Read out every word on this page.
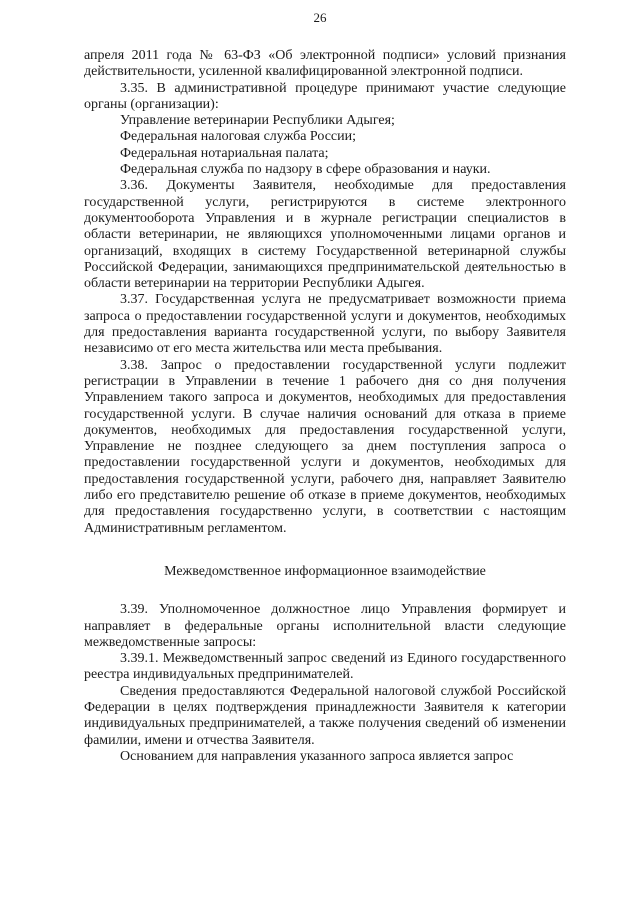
26

апреля 2011 года № 63-ФЗ «Об электронной подписи» условий признания действительности, усиленной квалифицированной электронной подписи.

3.35. В административной процедуре принимают участие следующие органы (организации):

Управление ветеринарии Республики Адыгея;

Федеральная налоговая служба России;

Федеральная нотариальная палата;

Федеральная служба по надзору в сфере образования и науки.

3.36. Документы Заявителя, необходимые для предоставления государственной услуги, регистрируются в системе электронного документооборота Управления и в журнале регистрации специалистов в области ветеринарии, не являющихся уполномоченными лицами органов и организаций, входящих в систему Государственной ветеринарной службы Российской Федерации, занимающихся предпринимательской деятельностью в области ветеринарии на территории Республики Адыгея.

3.37. Государственная услуга не предусматривает возможности приема запроса о предоставлении государственной услуги и документов, необходимых для предоставления варианта государственной услуги, по выбору Заявителя независимо от его места жительства или места пребывания.

3.38. Запрос о предоставлении государственной услуги подлежит регистрации в Управлении в течение 1 рабочего дня со дня получения Управлением такого запроса и документов, необходимых для предоставления государственной услуги. В случае наличия оснований для отказа в приеме документов, необходимых для предоставления государственной услуги, Управление не позднее следующего за днем поступления запроса о предоставлении государственной услуги и документов, необходимых для предоставления государственной услуги, рабочего дня, направляет Заявителю либо его представителю решение об отказе в приеме документов, необходимых для предоставления государственно услуги, в соответствии с настоящим Административным регламентом.

Межведомственное информационное взаимодействие

3.39. Уполномоченное должностное лицо Управления формирует и направляет в федеральные органы исполнительной власти следующие межведомственные запросы:

3.39.1. Межведомственный запрос сведений из Единого государственного реестра индивидуальных предпринимателей.

Сведения предоставляются Федеральной налоговой службой Российской Федерации в целях подтверждения принадлежности Заявителя к категории индивидуальных предпринимателей, а также получения сведений об изменении фамилии, имени и отчества Заявителя.

Основанием для направления указанного запроса является запрос
